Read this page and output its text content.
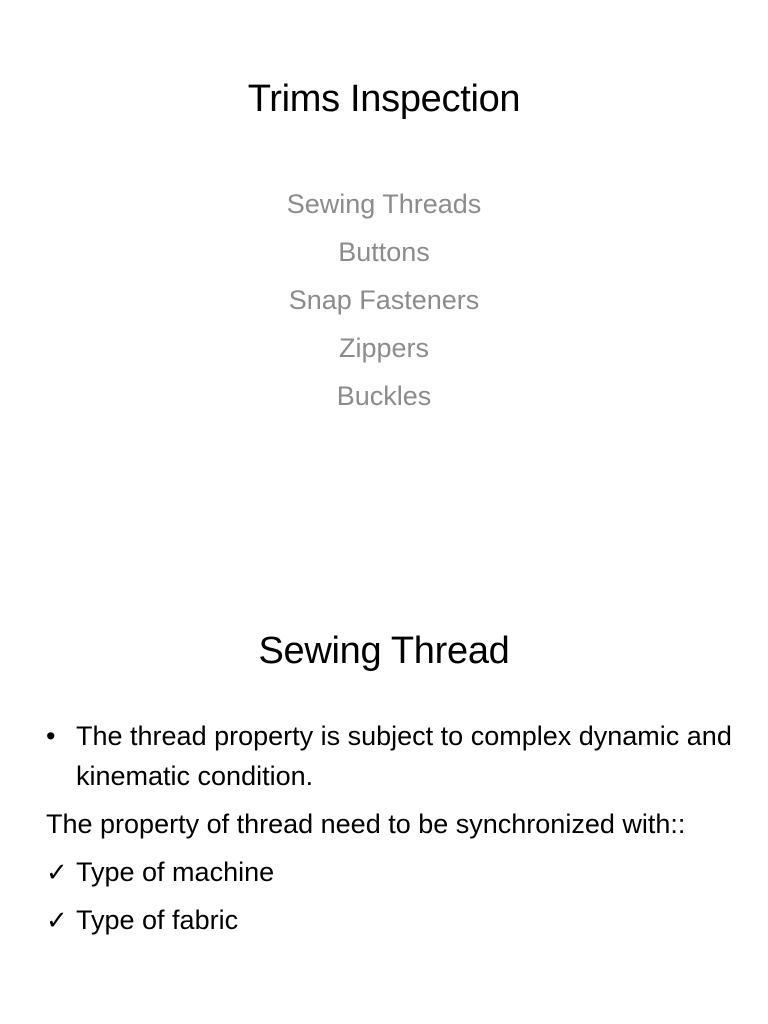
Trims Inspection
Sewing Threads
Buttons
Snap Fasteners
Zippers
Buckles
Sewing Thread

• The thread property is subject to complex dynamic and kinematic condition.

The property of thread need to be synchronized with::

✓ Type of machine
✓ Type of fabric
